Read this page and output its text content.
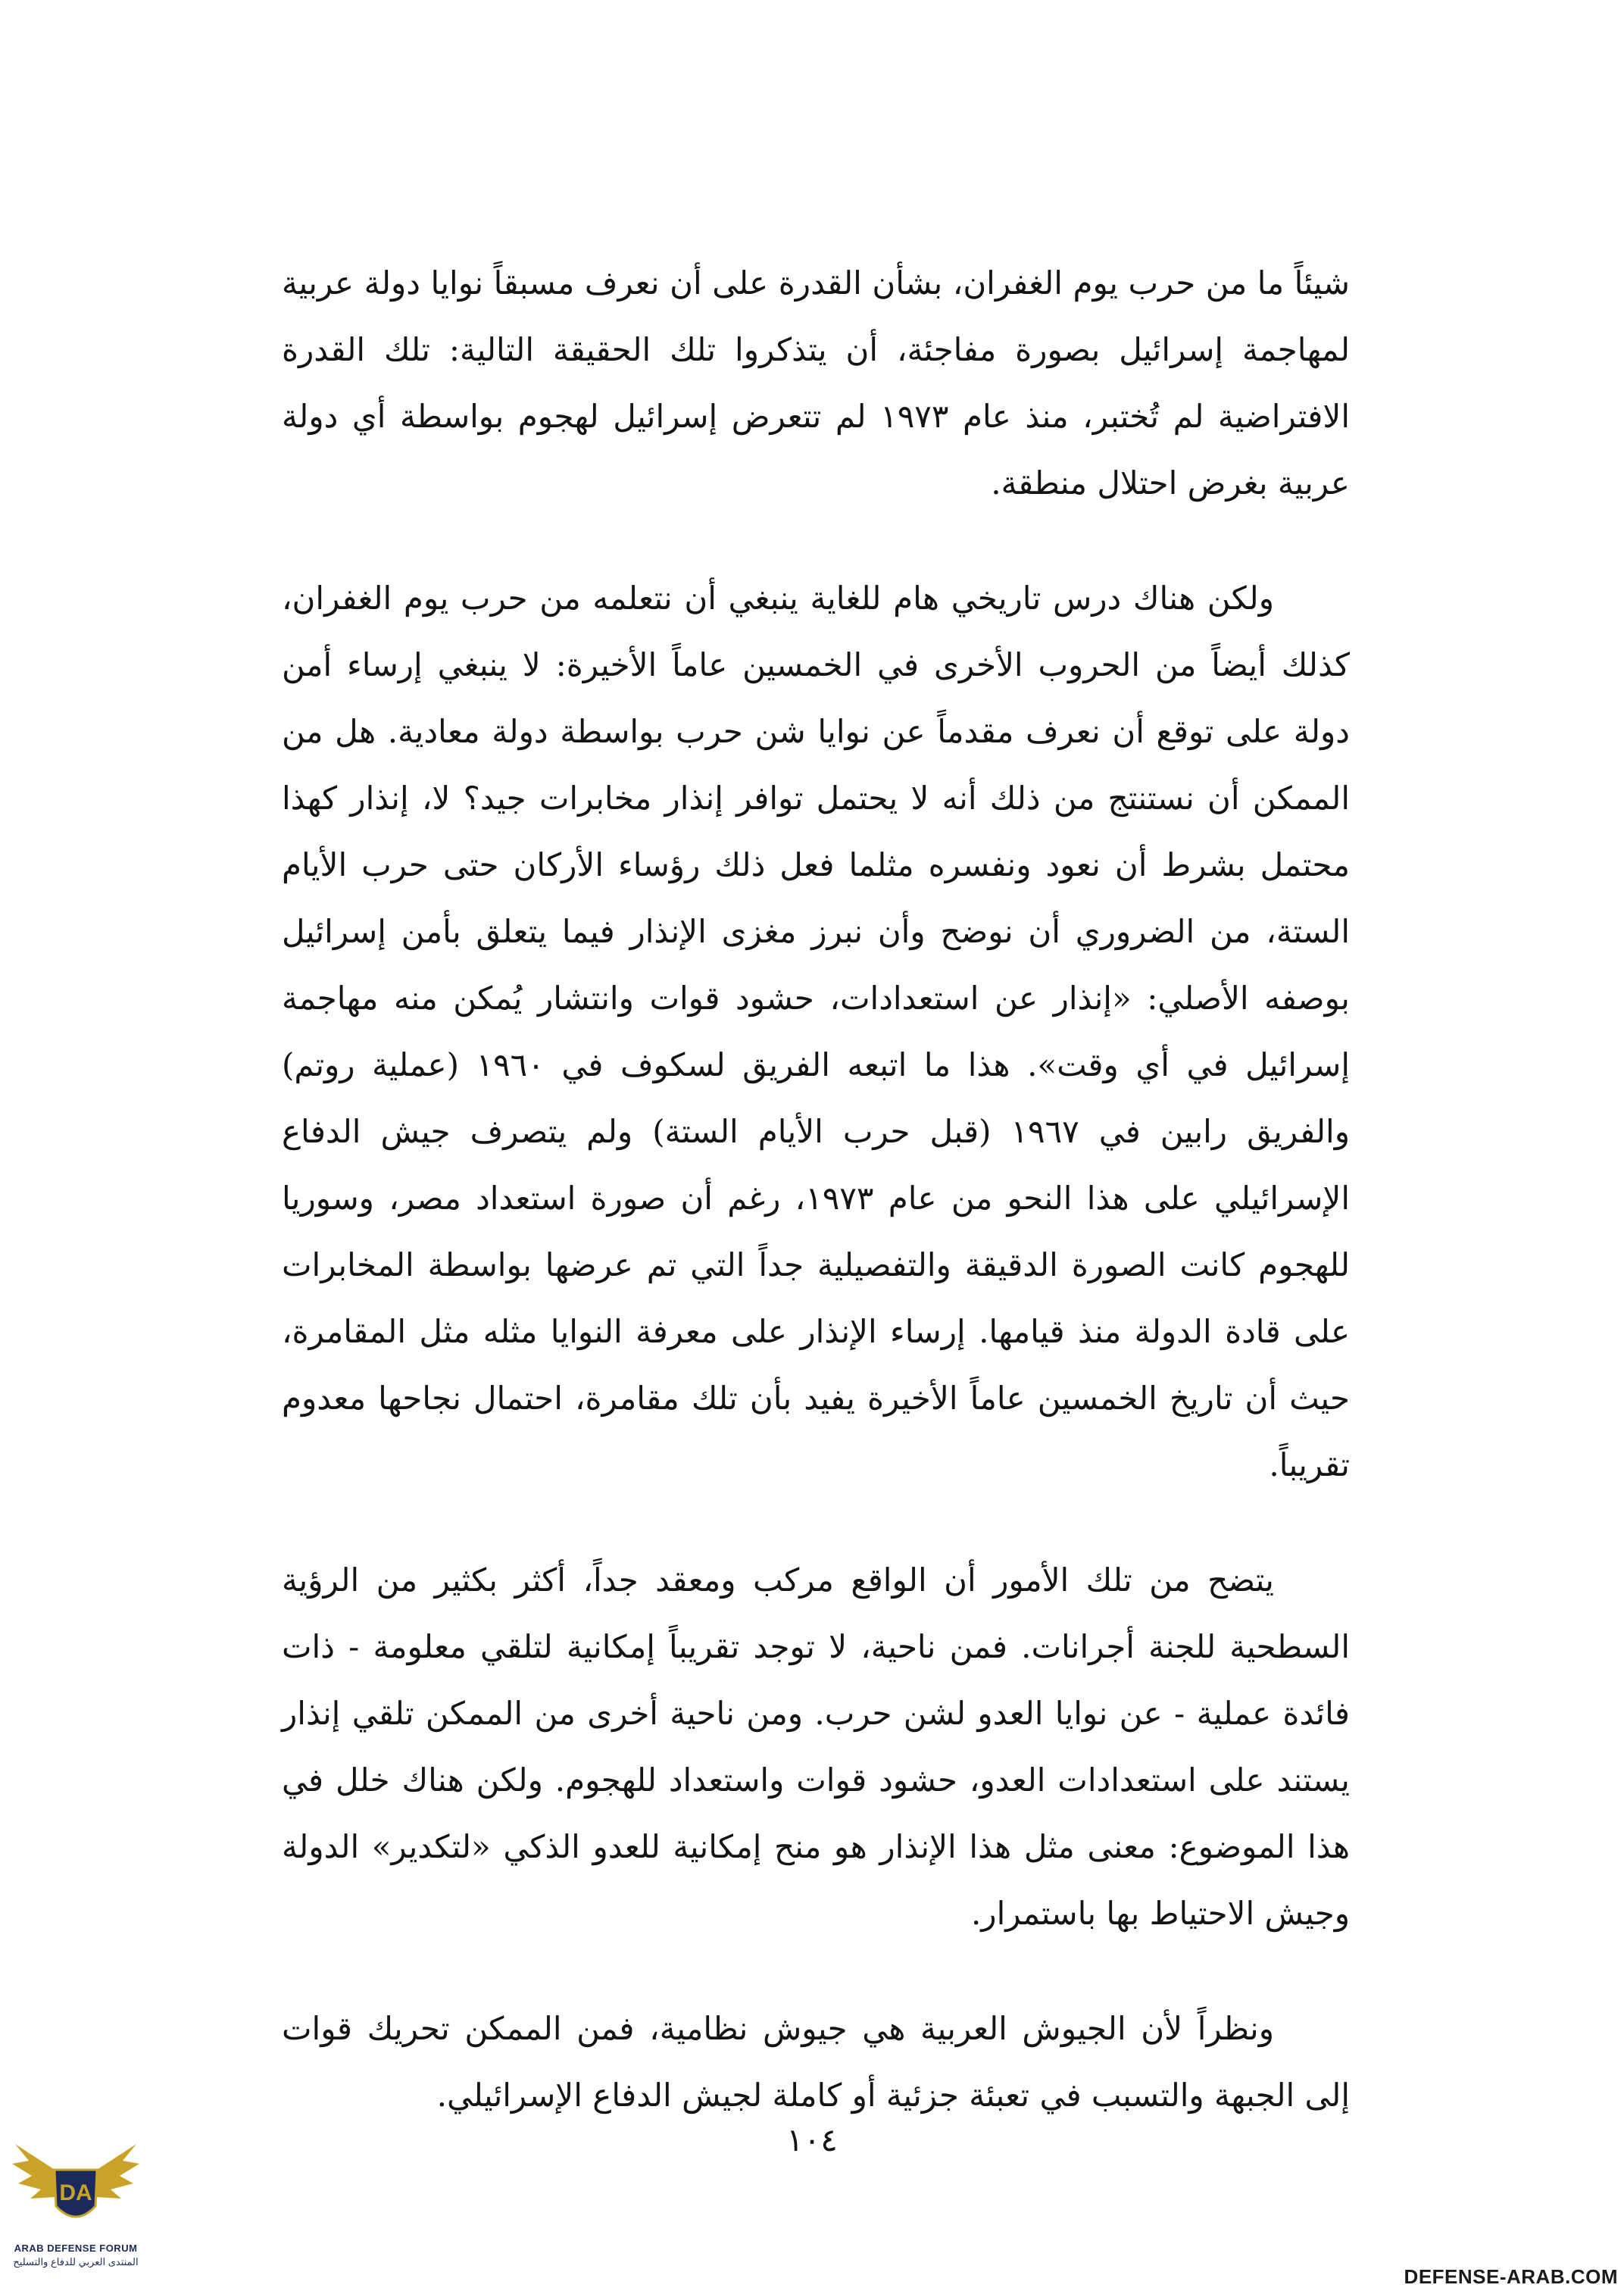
شيئاً ما من حرب يوم الغفران، بشأن القدرة على أن نعرف مسبقاً نوايا دولة عربية لمهاجمة إسرائيل بصورة مفاجئة، أن يتذكروا تلك الحقيقة التالية: تلك القدرة الافتراضية لم تُختبر، منذ عام ١٩٧٣ لم تتعرض إسرائيل لهجوم بواسطة أي دولة عربية بغرض احتلال منطقة.

ولكن هناك درس تاريخي هام للغاية ينبغي أن نتعلمه من حرب يوم الغفران، كذلك أيضاً من الحروب الأخرى في الخمسين عاماً الأخيرة: لا ينبغي إرساء أمن دولة على توقع أن نعرف مقدماً عن نوايا شن حرب بواسطة دولة معادية. هل من الممكن أن نستنتج من ذلك أنه لا يحتمل توافر إنذار مخابرات جيد؟ لا، إنذار كهذا محتمل بشرط أن نعود ونفسره مثلما فعل ذلك رؤساء الأركان حتى حرب الأيام الستة، من الضروري أن نوضح وأن نبرز مغزى الإنذار فيما يتعلق بأمن إسرائيل بوصفه الأصلي: «إنذار عن استعدادات، حشود قوات وانتشار يُمكن منه مهاجمة إسرائيل في أي وقت». هذا ما اتبعه الفريق لسكوف في ١٩٦٠ (عملية روتم) والفريق رابين في ١٩٦٧ (قبل حرب الأيام الستة) ولم يتصرف جيش الدفاع الإسرائيلي على هذا النحو من عام ١٩٧٣، رغم أن صورة استعداد مصر، وسوريا للهجوم كانت الصورة الدقيقة والتفصيلية جداً التي تم عرضها بواسطة المخابرات على قادة الدولة منذ قيامها. إرساء الإنذار على معرفة النوايا مثله مثل المقامرة، حيث أن تاريخ الخمسين عاماً الأخيرة يفيد بأن تلك مقامرة، احتمال نجاحها معدوم تقريباً.

يتضح من تلك الأمور أن الواقع مركب ومعقد جداً، أكثر بكثير من الرؤية السطحية للجنة أجرانات. فمن ناحية، لا توجد تقريباً إمكانية لتلقي معلومة - ذات فائدة عملية - عن نوايا العدو لشن حرب. ومن ناحية أخرى من الممكن تلقي إنذار يستند على استعدادات العدو، حشود قوات واستعداد للهجوم. ولكن هناك خلل في هذا الموضوع: معنى مثل هذا الإنذار هو منح إمكانية للعدو الذكي «لتكدير» الدولة وجيش الاحتياط بها باستمرار.

ونظراً لأن الجيوش العربية هي جيوش نظامية، فمن الممكن تحريك قوات إلى الجبهة والتسبب في تعبئة جزئية أو كاملة لجيش الدفاع الإسرائيلي.

١٠٤
DA
ARAB DEFENSE FORUM
المنتدى العربي للدفاع والتسليح
DEFENSE-ARAB.COM
